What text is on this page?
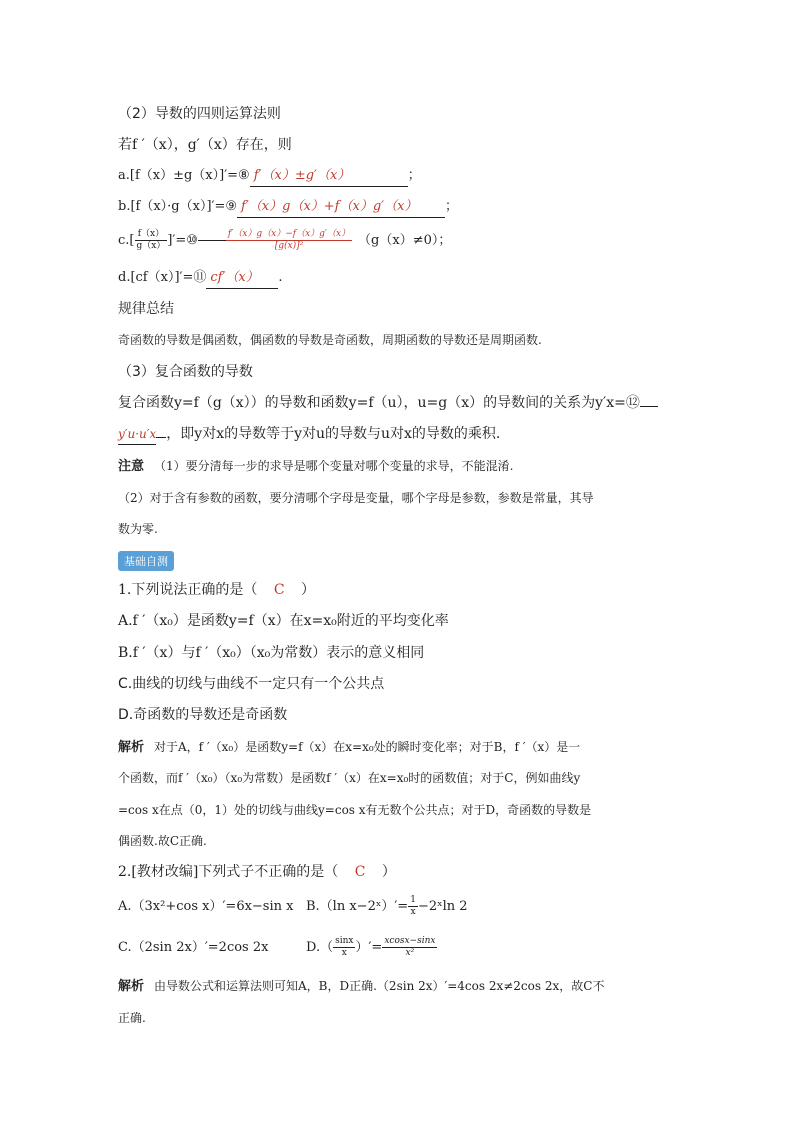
（2）导数的四则运算法则
若f ′（x），g′（x）存在，则
a.[f（x）±g（x）]′=⑧ f′（x）±g′（x）	；
b.[f（x）·g（x）]′=⑨ f′（x）g（x）+f（x）g′（x） ；
$c.[ \frac{f(x)}{g(x)}$ ]′=⑩	$\frac{f'(x)g(x)-f(x)g'(x)}{\text{[g(x)]²}} (g(x)\ne 0)$；
d.[cf（x）]′=⑪ cf′（x） .
规律总结
奇函数的导数是偶函数，偶函数的导数是奇函数，周期函数的导数还是周期函数.
（3）复合函数的导数
复合函数y=f（g（x））的导数和函数y=f（u），u=g（x）的导数间的关系为y′x=⑫
y′u·u′x ，即y对x的导数等于y对u的导数与u对x的导数的乘积.
注意 （1）要分清每一步的求导是哪个变量对哪个变量的求导，不能混淆.
（2）对于含有参数的函数，要分清哪个字母是变量，哪个字母是参数，参数是常量，其导
数为零.
基础自测
1.下列说法正确的是（ C ）
A.f ′（x₀）是函数y=f（x）在x=x₀附近的平均变化率
B.f ′（x）与f ′（x₀）（x₀为常数）表示的意义相同
C.曲线的切线与曲线不一定只有一个公共点
D.奇函数的导数还是奇函数
解析 对于A，f ′（x₀）是函数y=f（x）在x=x₀处的瞬时变化率；对于B，f ′（x）是一
个函数，而f ′（x₀）（x₀为常数）是函数f ′（x）在x=x₀时的函数值；对于C，例如曲线y
=cos x在点（0，1）处的切线与曲线y=cos x有无数个公共点；对于D，奇函数的导数是
偶函数.故C正确.
2.[教材改编]下列式子不正确的是（ C ）
A.（3x²+cos x）′=6x−sin x B.（ln x−2ˣ）′= $\frac{1}{x}$ −2ˣln 2
C.（2sin 2x）′=2cos 2x	$D.( \frac{\sin x}{x}$ ）′= $\frac{xcosx-\sin x}{\text{x²}}$
解析 由导数公式和运算法则可知A，B，D正确.（2sin 2x）′=4cos 2x≠2cos 2x，故C不
正确.
